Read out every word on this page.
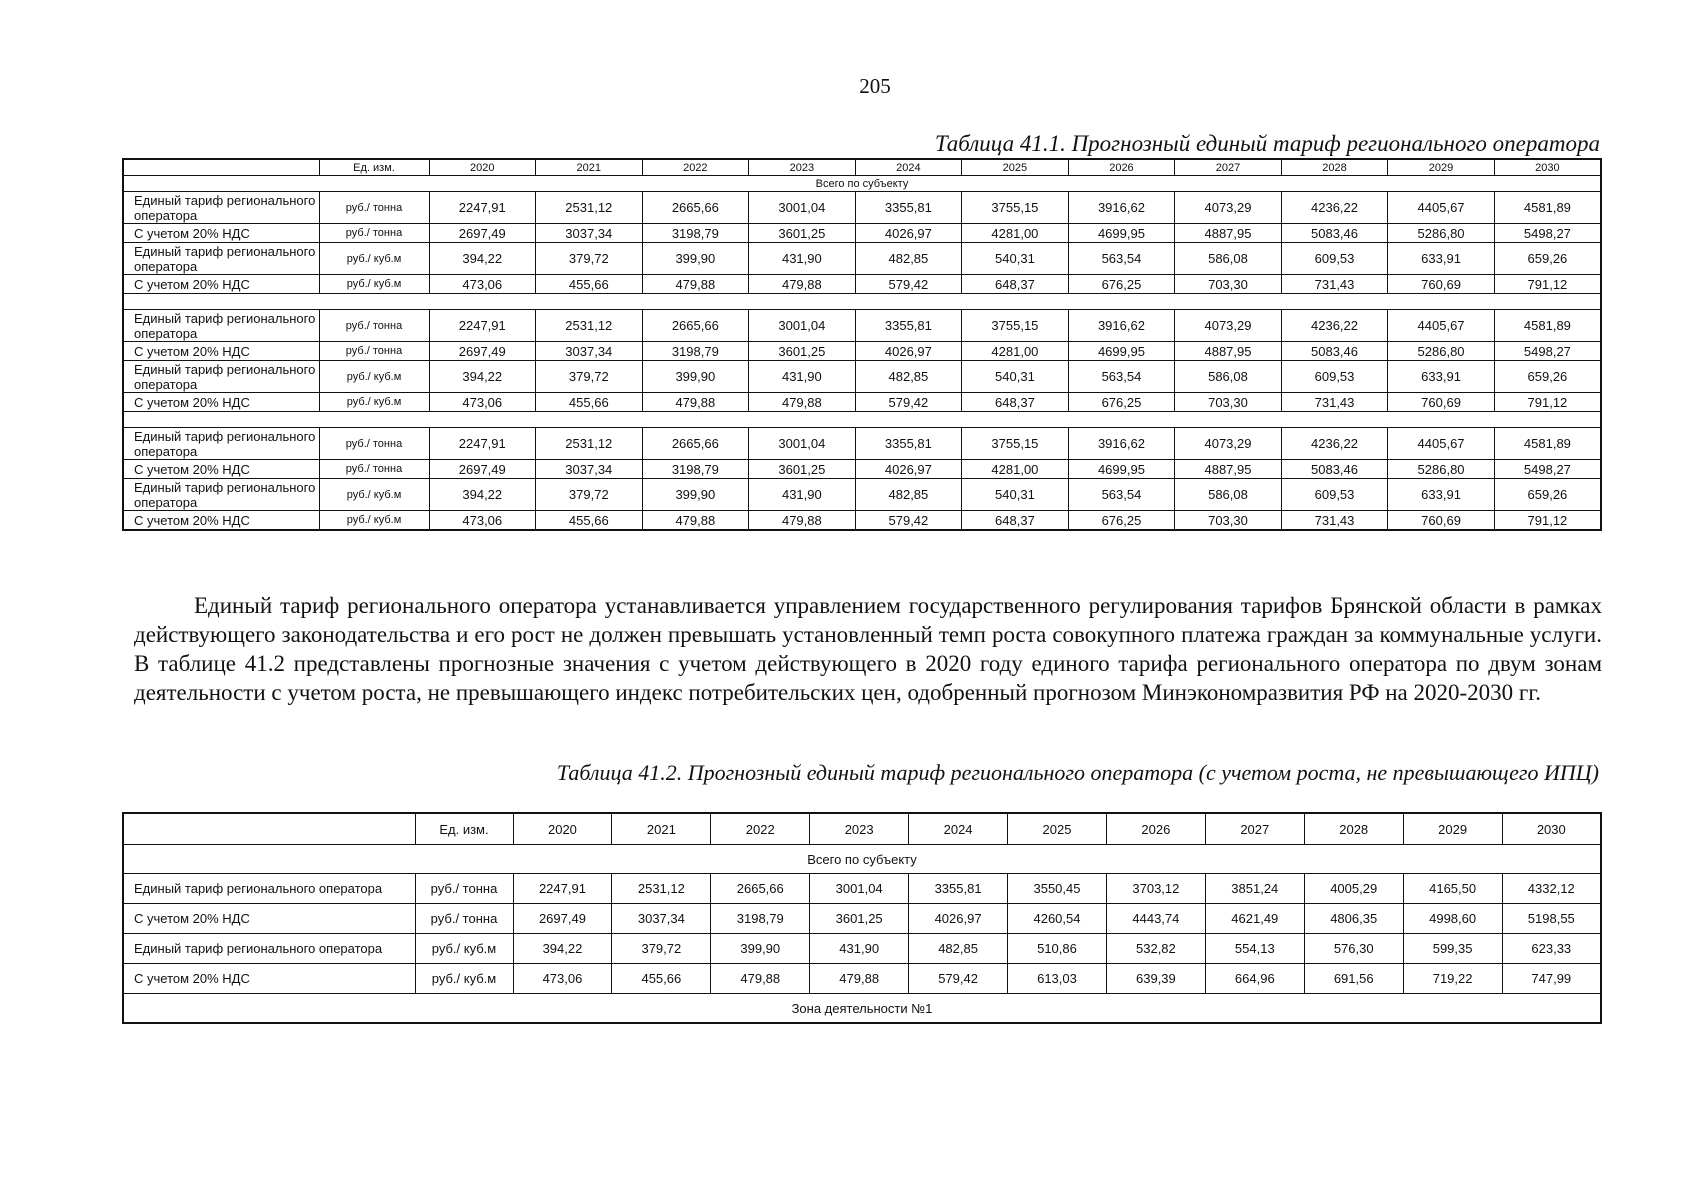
205
Таблица 41.1. Прогнозный единый тариф регионального оператора
	Ед. изм.	2020	2021	2022	2023	2024	2025	2026	2027	2028	2029	2030
Всего по субъекту												
Единый тариф регионального оператора	руб./ тонна	2247,91	2531,12	2665,66	3001,04	3355,81	3755,15	3916,62	4073,29	4236,22	4405,67	4581,89
С учетом 20% НДС	руб./ тонна	2697,49	3037,34	3198,79	3601,25	4026,97	4281,00	4699,95	4887,95	5083,46	5286,80	5498,27
Единый тариф регионального оператора	руб./ куб.м	394,22	379,72	399,90	431,90	482,85	540,31	563,54	586,08	609,53	633,91	659,26
С учетом 20% НДС	руб./ куб.м	473,06	455,66	479,88	479,88	579,42	648,37	676,25	703,30	731,43	760,69	791,12

Единый тариф регионального оператора	руб./ тонна	2247,91	2531,12	2665,66	3001,04	3355,81	3755,15	3916,62	4073,29	4236,22	4405,67	4581,89
С учетом 20% НДС	руб./ тонна	2697,49	3037,34	3198,79	3601,25	4026,97	4281,00	4699,95	4887,95	5083,46	5286,80	5498,27
Единый тариф регионального оператора	руб./ куб.м	394,22	379,72	399,90	431,90	482,85	540,31	563,54	586,08	609,53	633,91	659,26
С учетом 20% НДС	руб./ куб.м	473,06	455,66	479,88	479,88	579,42	648,37	676,25	703,30	731,43	760,69	791,12

Единый тариф регионального оператора	руб./ тонна	2247,91	2531,12	2665,66	3001,04	3355,81	3755,15	3916,62	4073,29	4236,22	4405,67	4581,89
С учетом 20% НДС	руб./ тонна	2697,49	3037,34	3198,79	3601,25	4026,97	4281,00	4699,95	4887,95	5083,46	5286,80	5498,27
Единый тариф регионального оператора	руб./ куб.м	394,22	379,72	399,90	431,90	482,85	540,31	563,54	586,08	609,53	633,91	659,26
С учетом 20% НДС	руб./ куб.м	473,06	455,66	479,88	479,88	579,42	648,37	676,25	703,30	731,43	760,69	791,12
Единый тариф регионального оператора устанавливается управлением государственного регулирования тарифов Брянской области в рамках действующего законодательства и его рост не должен превышать установленный темп роста совокупного платежа граждан за коммунальные услуги. В таблице 41.2 представлены прогнозные значения с учетом действующего в 2020 году единого тарифа регионального оператора по двум зонам деятельности с учетом роста, не превышающего индекс потребительских цен, одобренный прогнозом Минэкономразвития РФ на 2020-2030 гг.
Таблица 41.2. Прогнозный единый тариф регионального оператора (с учетом роста, не превышающего ИПЦ)
	Ед. изм.	2020	2021	2022	2023	2024	2025	2026	2027	2028	2029	2030
Всего по субъекту												
Единый тариф регионального оператора	руб./ тонна	2247,91	2531,12	2665,66	3001,04	3355,81	3550,45	3703,12	3851,24	4005,29	4165,50	4332,12
С учетом 20% НДС	руб./ тонна	2697,49	3037,34	3198,79	3601,25	4026,97	4260,54	4443,74	4621,49	4806,35	4998,60	5198,55
Единый тариф регионального оператора	руб./ куб.м	394,22	379,72	399,90	431,90	482,85	510,86	532,82	554,13	576,30	599,35	623,33
С учетом 20% НДС	руб./ куб.м	473,06	455,66	479,88	479,88	579,42	613,03	639,39	664,96	691,56	719,22	747,99
Зона деятельности №1												
